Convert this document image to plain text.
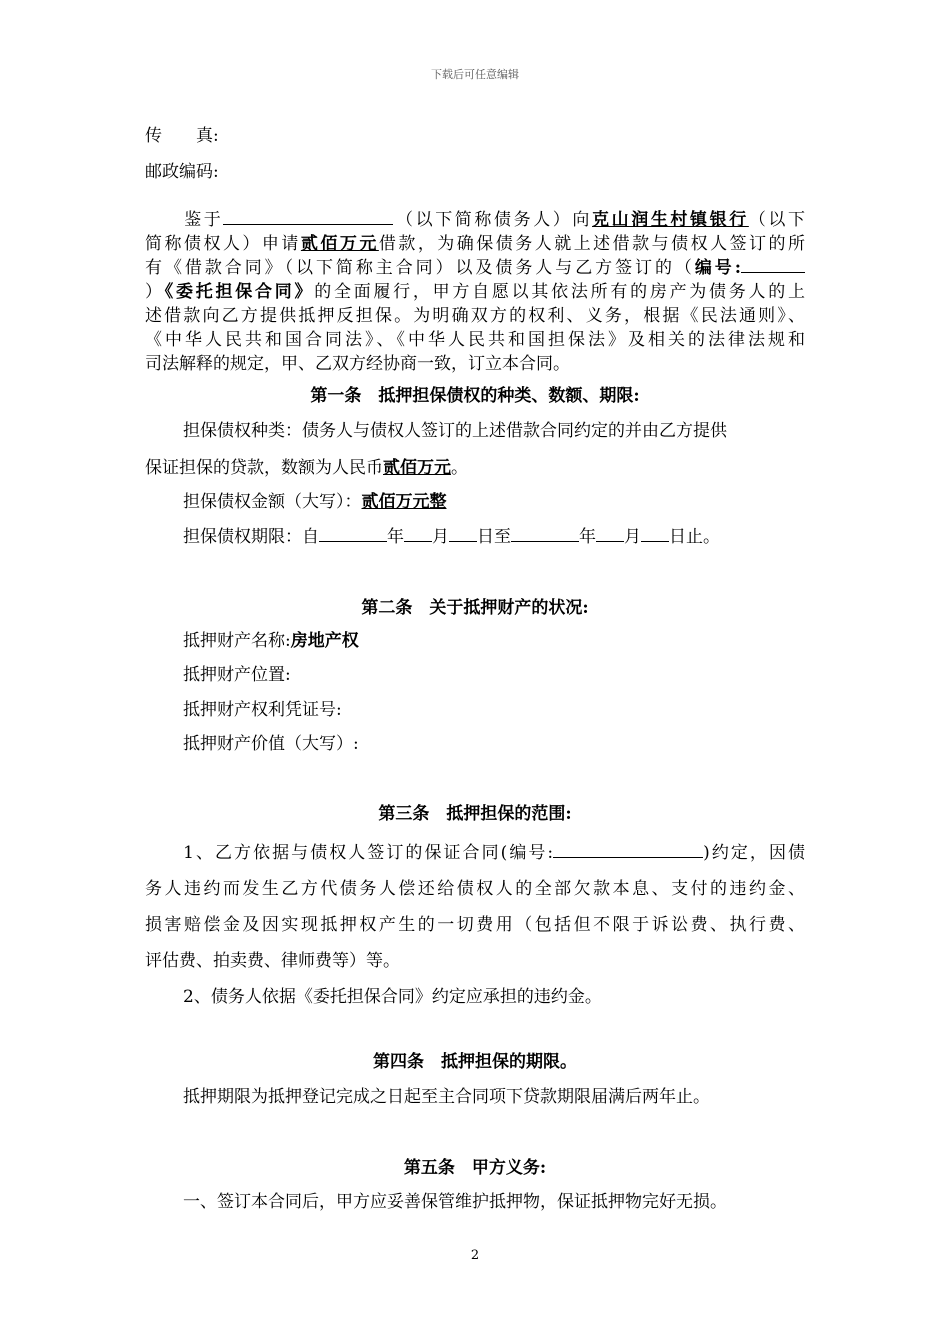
下载后可任意编辑
传　　真:
邮政编码:
　　鉴于	（以下简称债务人）向克山润生村镇银行（以下
简称债权人）申请贰佰万元借款，为确保债务人就上述借款与债权人签订的所
有《借款合同》（以下简称主合同）以及债务人与乙方签订的（编号:
）《委托担保合同》的全面履行，甲方自愿以其依法所有的房产为债务人的上
述借款向乙方提供抵押反担保。为明确双方的权利、义务，根据《民法通则》、
《中华人民共和国合同法》、《中华人民共和国担保法》及相关的法律法规和
司法解释的规定，甲、乙双方经协商一致，订立本合同。
第一条　抵押担保债权的种类、数额、期限:
担保债权种类：债务人与债权人签订的上述借款合同约定的并由乙方提供
保证担保的贷款，数额为人民币贰佰万元。
担保债权金额（大写）：贰佰万元整
担保债权期限：自	年 月 日至	年 月 日止。
第二条　关于抵押财产的状况:
抵押财产名称:房地产权
抵押财产位置:
抵押财产权利凭证号:
抵押财产价值（大写）:
第三条　抵押担保的范围:
　　1、乙方依据与债权人签订的保证合同(编号:	)约定，因债
务人违约而发生乙方代债务人偿还给债权人的全部欠款本息、支付的违约金、
损害赔偿金及因实现抵押权产生的一切费用（包括但不限于诉讼费、执行费、
评估费、拍卖费、律师费等）等。
2、债务人依据《委托担保合同》约定应承担的违约金。
第四条　抵押担保的期限。
抵押期限为抵押登记完成之日起至主合同项下贷款期限届满后两年止。
第五条　甲方义务:
一、签订本合同后，甲方应妥善保管维护抵押物，保证抵押物完好无损。
2
